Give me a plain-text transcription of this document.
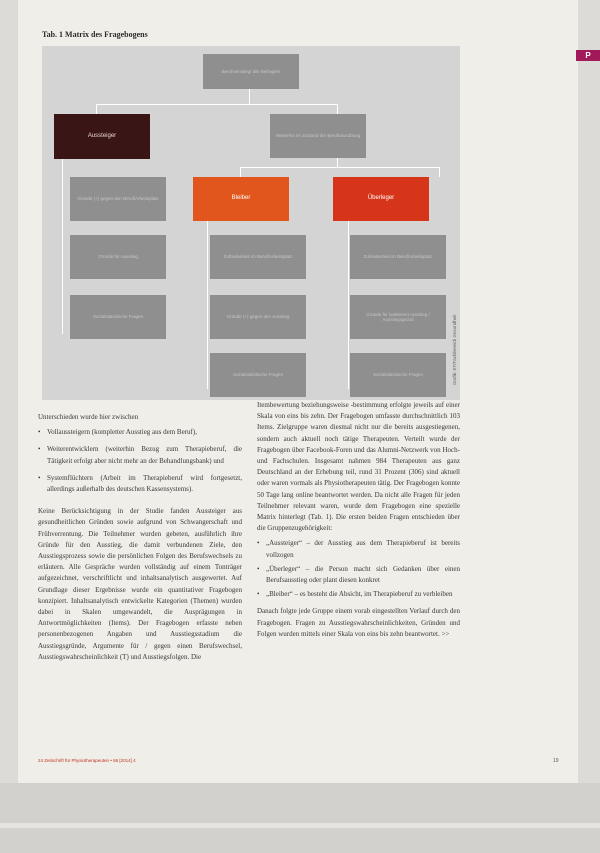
Tab. 1 Matrix des Fragebogens
P
Berufseinstieg/ alle Befragten
Aussteiger	Weiterhin im Zustand der Berufsausübung
Bleiber	Überleger
Gründe (+) gegen den Beruf/Arbeitsplatz
Gründe für Ausstieg
Sozialstatistische Fragen
Zufriedenheit im Beruf/Arbeitsplatz
Gründe (+) gegen den Ausstieg
Sozialstatistische Fragen
Zufriedenheit im Beruf/Arbeitsplatz
Gründe für (weiteren) Ausstieg / Ausstiegsgrund
Sozialstatistische Fragen	Grafik: ET/Fachbereich Gesundheit

Unterschieden wurde hier zwischen

• Vollaussteigern (kompletter Ausstieg aus dem Beruf),
• Weiterentwicklern (weiterhin Bezug zum Therapieberuf, die Tätigkeit erfolgt aber nicht mehr an der Behandlungsbank) und
• Systemflüchtern (Arbeit im Therapieberuf wird fortgesetzt, allerdings außerhalb des deutschen Kassensystems).

Keine Berücksichtigung in der Studie fanden Aussteiger aus gesundheitlichen Gründen sowie aufgrund von Schwangerschaft und Frühverrentung. Die Teilnehmer wurden gebeten, ausführlich ihre Gründe für den Ausstieg, die damit verbundenen Ziele, den Ausstiegsprozess sowie die persönlichen Folgen des Berufswechsels zu erläutern. Alle Gespräche wurden vollständig auf einem Tonträger aufgezeichnet, verschriftlicht und inhaltsanalytisch ausgewertet. Auf Grundlage dieser Ergebnisse wurde ein quantitativer Fragebogen konzipiert. Inhaltsanalytisch entwickelte Kategorien (Themen) wurden dabei in Skalen umgewandelt, die Ausprägungen in Antwortmöglichkeiten (Items). Der Fragebogen erfasste neben personenbezogenen Angaben und Ausstiegsstadium die Ausstiegsgründe, Argumente für / gegen einen Berufswechsel, Ausstiegswahrscheinlichkeit (T) und Ausstiegsfolgen. Die

Itembewertung beziehungsweise -bestimmung erfolgte jeweils auf einer Skala von eins bis zehn. Der Fragebogen umfasste durchschnittlich 103 Items. Zielgruppe waren diesmal nicht nur die bereits ausgestiegenen, sondern auch aktuell noch tätige Therapeuten. Verteilt wurde der Fragebogen über Facebook-Foren und das Alumni-Netzwerk von Hoch- und Fachschulen. Insgesamt nahmen 984 Therapeuten aus ganz Deutschland an der Erhebung teil, rund 31 Prozent (306) sind aktuell oder waren vormals als Physiotherapeuten tätig. Der Fragebogen konnte 50 Tage lang online beantwortet werden. Da nicht alle Fragen für jeden Teilnehmer relevant waren, wurde dem Fragebogen eine spezielle Matrix hinterlegt (Tab. 1). Die ersten beiden Fragen entschieden über die Gruppenzugehörigkeit:

• „Aussteiger“ – der Ausstieg aus dem Therapieberuf ist bereits vollzogen
• „Überleger“ – die Person macht sich Gedanken über einen Berufsausstieg oder plant diesen konkret
• „Bleiber“ – es besteht die Absicht, im Therapieberuf zu verbleiben

Danach folgte jede Gruppe einem vorab eingestellten Verlauf durch den Fragebogen. Fragen zu Ausstiegswahrscheinlichkeiten, Gründen und Folgen wurden mittels einer Skala von eins bis zehn beantwortet. >>

24 Zeitschrift für Physiotherapeuten • 66 [2014] 4	19
